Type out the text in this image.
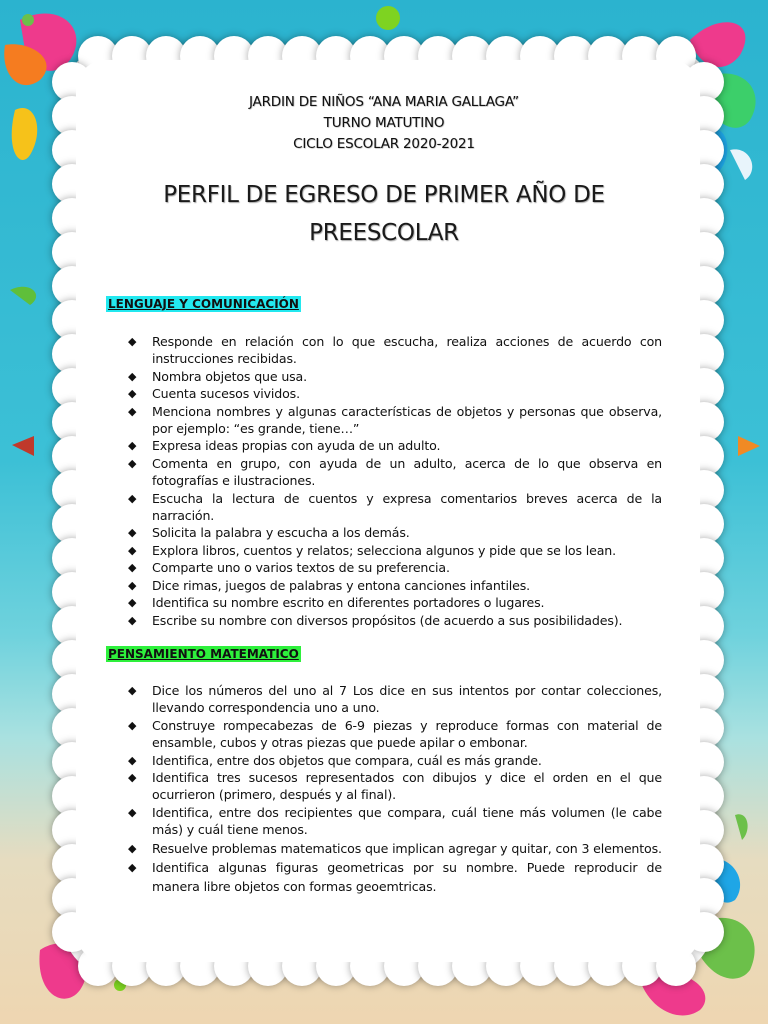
JARDIN DE NIÑOS “ANA MARIA GALLAGA”
TURNO MATUTINO
CICLO ESCOLAR 2020-2021
PERFIL DE EGRESO DE PRIMER AÑO DE
PREESCOLAR
LENGUAJE Y COMUNICACIÓN
◆ Responde en relación con lo que escucha, realiza acciones de acuerdo con instrucciones recibidas.
◆ Nombra objetos que usa.
◆ Cuenta sucesos vividos.
◆ Menciona nombres y algunas características de objetos y personas que observa, por ejemplo: “es grande, tiene…”
◆ Expresa ideas propias con ayuda de un adulto.
◆ Comenta en grupo, con ayuda de un adulto, acerca de lo que observa en fotografías e ilustraciones.
◆ Escucha la lectura de cuentos y expresa comentarios breves acerca de la narración.
◆ Solicita la palabra y escucha a los demás.
◆ Explora libros, cuentos y relatos; selecciona algunos y pide que se los lean.
◆ Comparte uno o varios textos de su preferencia.
◆ Dice rimas, juegos de palabras y entona canciones infantiles.
◆ Identifica su nombre escrito en diferentes portadores o lugares.
◆ Escribe su nombre con diversos propósitos (de acuerdo a sus posibilidades).
PENSAMIENTO MATEMATICO
◆ Dice los números del uno al 7 Los dice en sus intentos por contar colecciones, llevando correspondencia uno a uno.
◆ Construye rompecabezas de 6-9 piezas y reproduce formas con material de ensamble, cubos y otras piezas que puede apilar o embonar.
◆ Identifica, entre dos objetos que compara, cuál es más grande.
◆ Identifica tres sucesos representados con dibujos y dice el orden en el que ocurrieron (primero, después y al final).
◆ Identifica, entre dos recipientes que compara, cuál tiene más volumen (le cabe más) y cuál tiene menos.
◆ Resuelve problemas matematicos que implican agregar y quitar, con 3 elementos.
◆ Identifica algunas figuras geometricas por su nombre. Puede reproducir de manera libre objetos con formas geoemtricas.
